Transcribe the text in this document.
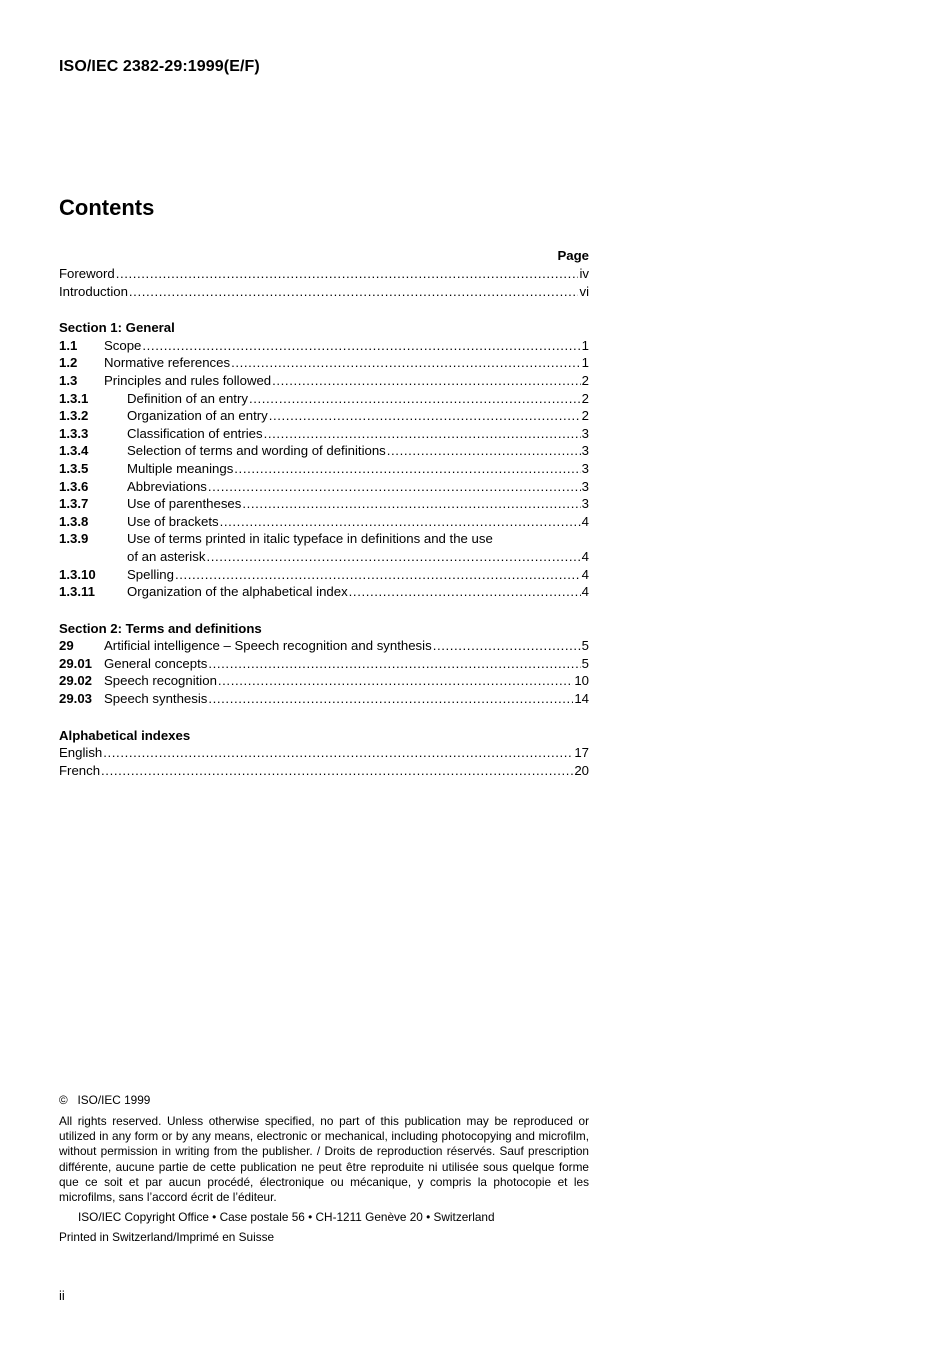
ISO/IEC 2382-29:1999(E/F)
Contents
Page
Foreword .....	iv
Introduction .....	vi
Section 1: General
1.1	Scope .....	1
1.2	Normative references .....	1
1.3	Principles and rules followed .....	2
1.3.1	Definition of an entry .....	2
1.3.2	Organization of an entry .....	2
1.3.3	Classification of entries .....	3
1.3.4	Selection of terms and wording of definitions .....	3
1.3.5	Multiple meanings .....	3
1.3.6	Abbreviations .....	3
1.3.7	Use of parentheses .....	3
1.3.8	Use of brackets .....	4
1.3.9	Use of terms printed in italic typeface in definitions and the use
of an asterisk .....	4
1.3.10	Spelling .....	4
1.3.11	Organization of the alphabetical index .....	4
Section 2: Terms and definitions
29	Artificial intelligence – Speech recognition and synthesis .....	5
29.01 General concepts .....	5
29.02 Speech recognition .....	10
29.03 Speech synthesis .....	14
Alphabetical indexes
English .....	17
French .....	20
©   ISO/IEC 1999

All rights reserved. Unless otherwise specified, no part of this publication may be reproduced or utilized in any form or by any means, electronic or mechanical, including photocopying and microfilm, without permission in writing from the publisher. / Droits de reproduction réservés. Sauf prescription différente, aucune partie de cette publication ne peut être reproduite ni utilisée sous quelque forme que ce soit et par aucun procédé, électronique ou mécanique, y compris la photocopie et les microfilms, sans l’accord écrit de l’éditeur.

ISO/IEC Copyright Office • Case postale 56 • CH-1211 Genève 20 • Switzerland
Printed in Switzerland/Imprimé en Suisse
ii
